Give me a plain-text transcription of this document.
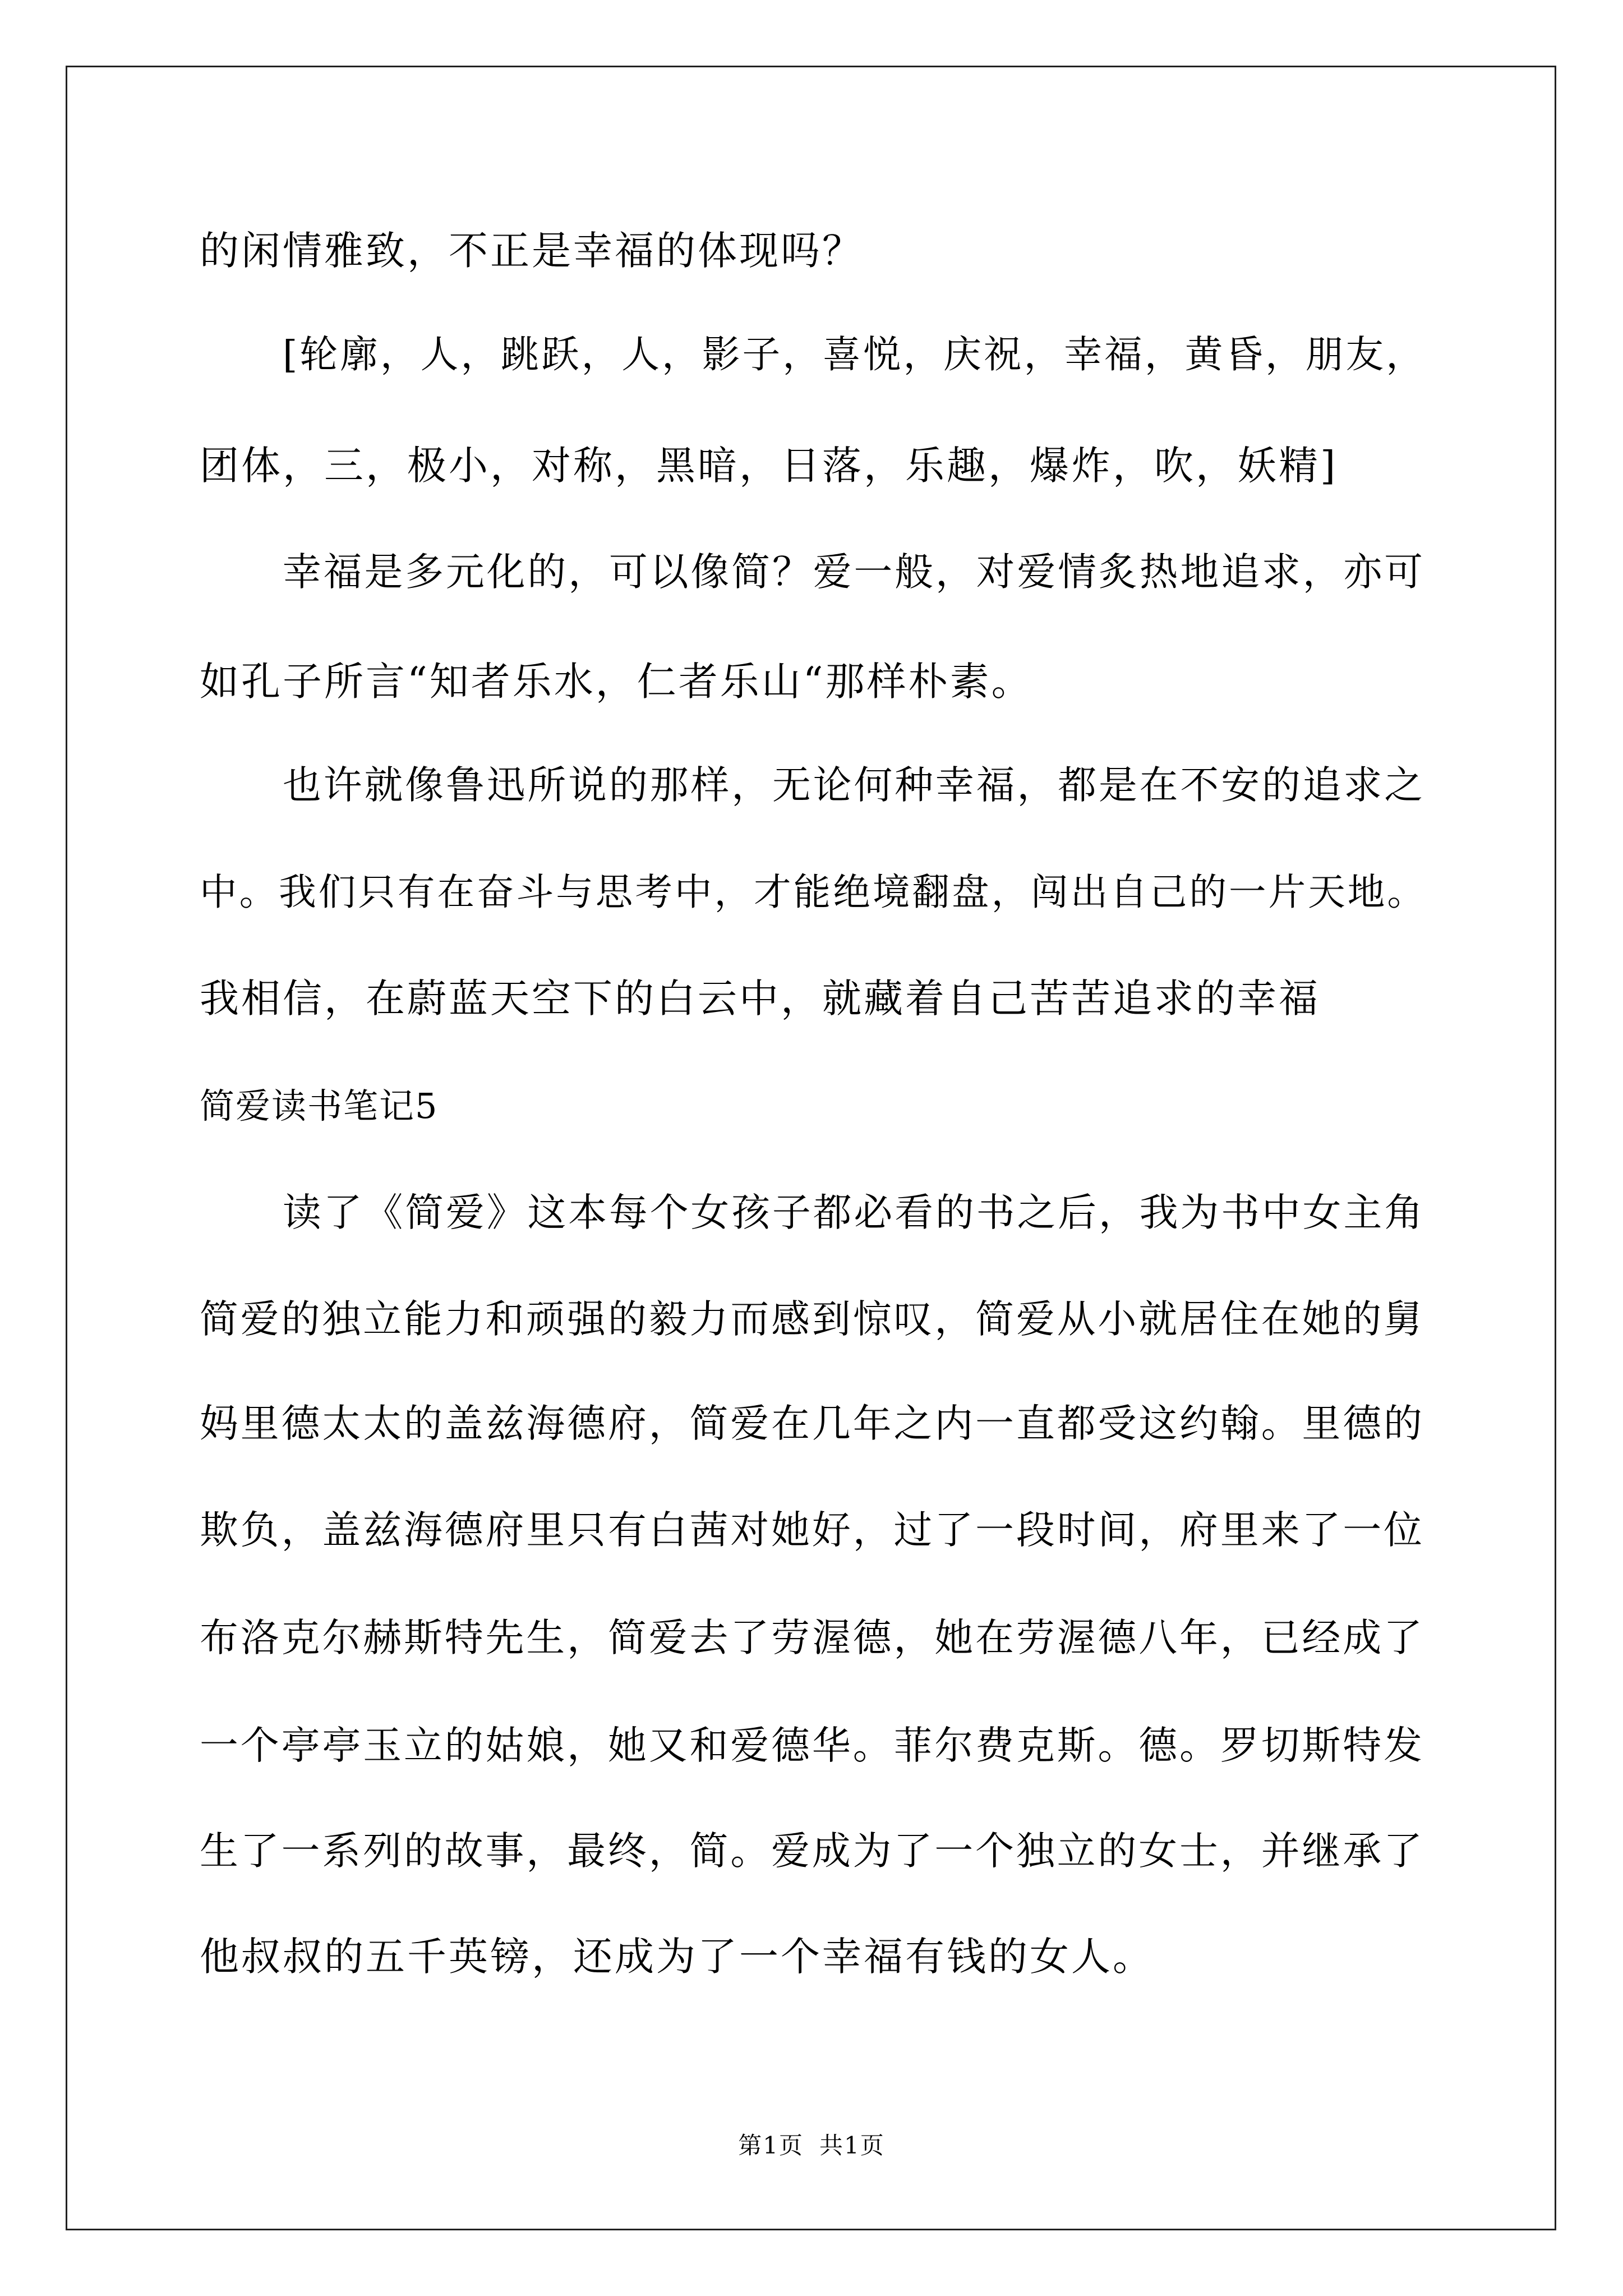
的闲情雅致，不正是幸福的体现吗？
[轮廓，人，跳跃，人，影子，喜悦，庆祝，幸福，黄昏，朋友，
团体，三，极小，对称，黑暗，日落，乐趣，爆炸，吹，妖精]
幸福是多元化的，可以像简？爱一般，对爱情炙热地追求，亦可
如孔子所言“知者乐水，仁者乐山“那样朴素。
也许就像鲁迅所说的那样，无论何种幸福，都是在不安的追求之
中。我们只有在奋斗与思考中，才能绝境翻盘，闯出自己的一片天地。
我相信，在蔚蓝天空下的白云中，就藏着自己苦苦追求的幸福
简爱读书笔记5
读了《简爱》这本每个女孩子都必看的书之后，我为书中女主角
简爱的独立能力和顽强的毅力而感到惊叹，简爱从小就居住在她的舅
妈里德太太的盖兹海德府，简爱在几年之内一直都受这约翰。里德的
欺负，盖兹海德府里只有白茜对她好，过了一段时间，府里来了一位
布洛克尔赫斯特先生，简爱去了劳渥德，她在劳渥德八年，已经成了
一个亭亭玉立的姑娘，她又和爱德华。菲尔费克斯。德。罗切斯特发
生了一系列的故事，最终，简。爱成为了一个独立的女士，并继承了
他叔叔的五千英镑，还成为了一个幸福有钱的女人。
第1页 共1页
